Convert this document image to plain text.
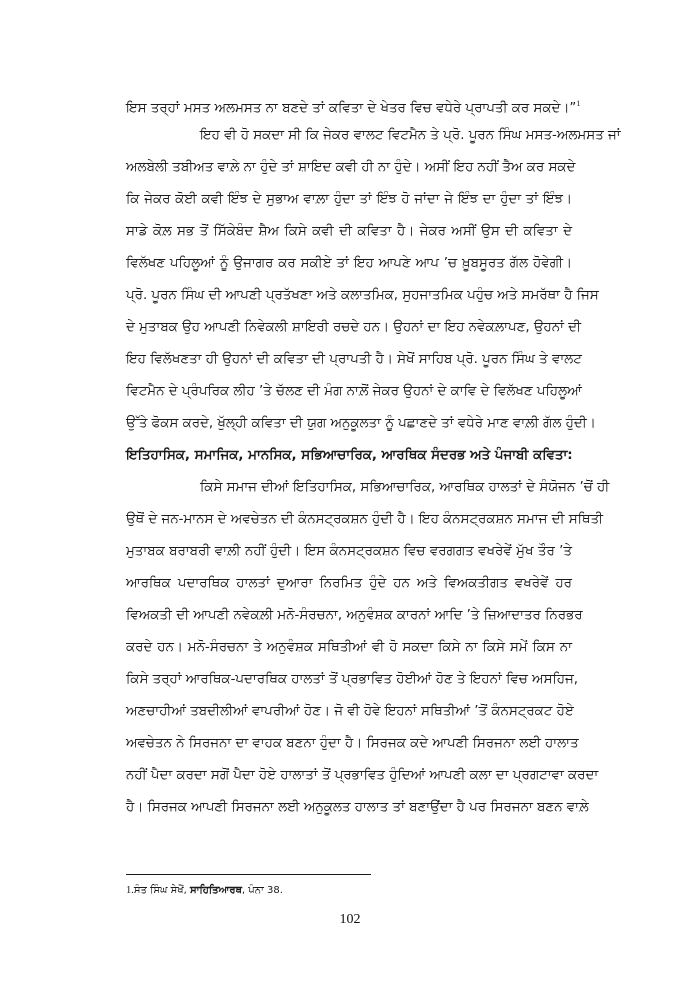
ਇਸ ਤਰ੍ਹਾਂ ਮਸਤ ਅਲਮਸਤ ਨਾ ਬਣਦੇ ਤਾਂ ਕਵਿਤਾ ਦੇ ਖੇਤਰ ਵਿਚ ਵਧੇਰੇ ਪ੍ਰਾਪਤੀ ਕਰ ਸਕਦੇ।”$^1$
ਇਹ ਵੀ ਹੋ ਸਕਦਾ ਸੀ ਕਿ ਜੇਕਰ ਵਾਲਟ ਵਿਟਮੈਨ ਤੇ ਪ੍ਰੋ. ਪੂਰਨ ਸਿੰਘ ਮਸਤ-ਅਲਮਸਤ ਜਾਂ
ਅਲਬੇਲੀ ਤਬੀਅਤ ਵਾਲ਼ੇ ਨਾ ਹੁੰਦੇ ਤਾਂ ਸ਼ਾਇਦ ਕਵੀ ਹੀ ਨਾ ਹੁੰਦੇ। ਅਸੀਂ ਇਹ ਨਹੀਂ ਤੈਅ ਕਰ ਸਕਦੇ
ਕਿ ਜੇਕਰ ਕੋਈ ਕਵੀ ਇੰਝ ਦੇ ਸੁਭਾਅ ਵਾਲ਼ਾ ਹੁੰਦਾ ਤਾਂ ਇੰਝ ਹੋ ਜਾਂਦਾ ਜੇ ਇੰਝ ਦਾ ਹੁੰਦਾ ਤਾਂ ਇੰਝ।
ਸਾਡੇ ਕੋਲ਼ ਸਭ ਤੋਂ ਸਿੱਕੇਬੰਦ ਸ਼ੈਅ ਕਿਸੇ ਕਵੀ ਦੀ ਕਵਿਤਾ ਹੈ। ਜੇਕਰ ਅਸੀਂ ਉਸ ਦੀ ਕਵਿਤਾ ਦੇ
ਵਿਲੱਖਣ ਪਹਿਲੂਆਂ ਨੂੰ ਉਜਾਗਰ ਕਰ ਸਕੀਏ ਤਾਂ ਇਹ ਆਪਣੇ ਆਪ ’ਚ ਖ਼ੂਬਸੂਰਤ ਗੱਲ ਹੋਵੇਗੀ।
ਪ੍ਰੋ. ਪੂਰਨ ਸਿੰਘ ਦੀ ਆਪਣੀ ਪ੍ਰਤੱਖਣਾ ਅਤੇ ਕਲਾਤਮਿਕ, ਸੁਹਜਾਤਮਿਕ ਪਹੁੰਚ ਅਤੇ ਸਮਰੱਥਾ ਹੈ ਜਿਸ
ਦੇ ਮੁਤਾਬਕ ਉਹ ਆਪਣੀ ਨਿਵੇਕਲੀ ਸ਼ਾਇਰੀ ਰਚਦੇ ਹਨ। ਉਹਨਾਂ ਦਾ ਇਹ ਨਵੇਕਲ਼ਾਪਣ, ਉਹਨਾਂ ਦੀ
ਇਹ ਵਿਲੱਖਣਤਾ ਹੀ ਉਹਨਾਂ ਦੀ ਕਵਿਤਾ ਦੀ ਪ੍ਰਾਪਤੀ ਹੈ। ਸੇਖੋਂ ਸਾਹਿਬ ਪ੍ਰੋ. ਪੂਰਨ ਸਿੰਘ ਤੇ ਵਾਲਟ
ਵਿਟਮੈਨ ਦੇ ਪ੍ਰੰਪਰਿਕ ਲੀਹ ’ਤੇ ਚੱਲਣ ਦੀ ਮੰਗ ਨਾਲ਼ੋਂ ਜੇਕਰ ਉਹਨਾਂ ਦੇ ਕਾਵਿ ਦੇ ਵਿਲੱਖਣ ਪਹਿਲੂਆਂ
ਉੱਤੇ ਫੋਕਸ ਕਰਦੇ, ਖੁੱਲ੍ਹੀ ਕਵਿਤਾ ਦੀ ਯੁਗ ਅਨੁਕੂਲਤਾ ਨੂੰ ਪਛਾਣਦੇ ਤਾਂ ਵਧੇਰੇ ਮਾਣ ਵਾਲ਼ੀ ਗੱਲ ਹੁੰਦੀ।
ਇਤਿਹਾਸਿਕ, ਸਮਾਜਿਕ, ਮਾਨਸਿਕ, ਸਭਿਆਚਾਰਿਕ, ਆਰਥਿਕ ਸੰਦਰਭ ਅਤੇ ਪੰਜਾਬੀ ਕਵਿਤਾ:
ਕਿਸੇ ਸਮਾਜ ਦੀਆਂ ਇਤਿਹਾਸਿਕ, ਸਭਿਆਚਾਰਿਕ, ਆਰਥਿਕ ਹਾਲਤਾਂ ਦੇ ਸੰਯੋਜਨ ’ਚੋਂ ਹੀ
ਉਥੋਂ ਦੇ ਜਨ-ਮਾਨਸ ਦੇ ਅਵਚੇਤਨ ਦੀ ਕੰਨਸਟ੍ਰਕਸ਼ਨ ਹੁੰਦੀ ਹੈ। ਇਹ ਕੰਨਸਟ੍ਰਕਸ਼ਨ ਸਮਾਜ ਦੀ ਸਥਿਤੀ
ਮੁਤਾਬਕ ਬਰਾਬਰੀ ਵਾਲ਼ੀ ਨਹੀਂ ਹੁੰਦੀ। ਇਸ ਕੰਨਸਟ੍ਰਕਸ਼ਨ ਵਿਚ ਵਰਗਗਤ ਵਖਰੇਵੇਂ ਮੁੱਖ ਤੌਰ ’ਤੇ
ਆਰਥਿਕ ਪਦਾਰਥਿਕ ਹਾਲਤਾਂ ਦੁਆਰਾ ਨਿਰਮਿਤ ਹੁੰਦੇ ਹਨ ਅਤੇ ਵਿਅਕਤੀਗਤ ਵਖਰੇਵੇਂ ਹਰ
ਵਿਅਕਤੀ ਦੀ ਆਪਣੀ ਨਵੇਕਲ਼ੀ ਮਨੋ-ਸੰਰਚਨਾ, ਅਨੁਵੰਸ਼ਕ ਕਾਰਨਾਂ ਆਦਿ ’ਤੇ ਜ਼ਿਆਦਾਤਰ ਨਿਰਭਰ
ਕਰਦੇ ਹਨ। ਮਨੋ-ਸੰਰਚਨਾ ਤੇ ਅਨੁਵੰਸ਼ਕ ਸਥਿਤੀਆਂ ਵੀ ਹੋ ਸਕਦਾ ਕਿਸੇ ਨਾ ਕਿਸੇ ਸਮੇਂ ਕਿਸ ਨਾ
ਕਿਸੇ ਤਰ੍ਹਾਂ ਆਰਥਿਕ-ਪਦਾਰਥਿਕ ਹਾਲਤਾਂ ਤੋਂ ਪ੍ਰਭਾਵਿਤ ਹੋਈਆਂ ਹੋਣ ਤੇ ਇਹਨਾਂ ਵਿਚ ਅਸਹਿਜ,
ਅਣਚਾਹੀਆਂ ਤਬਦੀਲੀਆਂ ਵਾਪਰੀਆਂ ਹੋਣ। ਜੋ ਵੀ ਹੋਵੇ ਇਹਨਾਂ ਸਥਿਤੀਆਂ ’ਤੋਂ ਕੰਨਸਟ੍ਰਕਟ ਹੋਏ
ਅਵਚੇਤਨ ਨੇ ਸਿਰਜਨਾ ਦਾ ਵਾਹਕ ਬਣਨਾ ਹੁੰਦਾ ਹੈ। ਸਿਰਜਕ ਕਦੇ ਆਪਣੀ ਸਿਰਜਨਾ ਲਈ ਹਾਲਾਤ
ਨਹੀਂ ਪੈਦਾ ਕਰਦਾ ਸਗੋਂ ਪੈਦਾ ਹੋਏ ਹਾਲਾਤਾਂ ਤੋਂ ਪ੍ਰਭਾਵਿਤ ਹੁੰਦਿਆਂ ਆਪਣੀ ਕਲਾ ਦਾ ਪ੍ਰਗਟਾਵਾ ਕਰਦਾ
ਹੈ। ਸਿਰਜਕ ਆਪਣੀ ਸਿਰਜਨਾ ਲਈ ਅਨੁਕੂਲਤ ਹਾਲਾਤ ਤਾਂ ਬਣਾਉਂਦਾ ਹੈ ਪਰ ਸਿਰਜਨਾ ਬਣਨ ਵਾਲ਼ੇ
1.ਸੰਤ ਸਿੰਘ ਸੇਖੋਂ, ਸਾਹਿਤਿਆਰਥ, ਪੰਨਾ 38.
102
